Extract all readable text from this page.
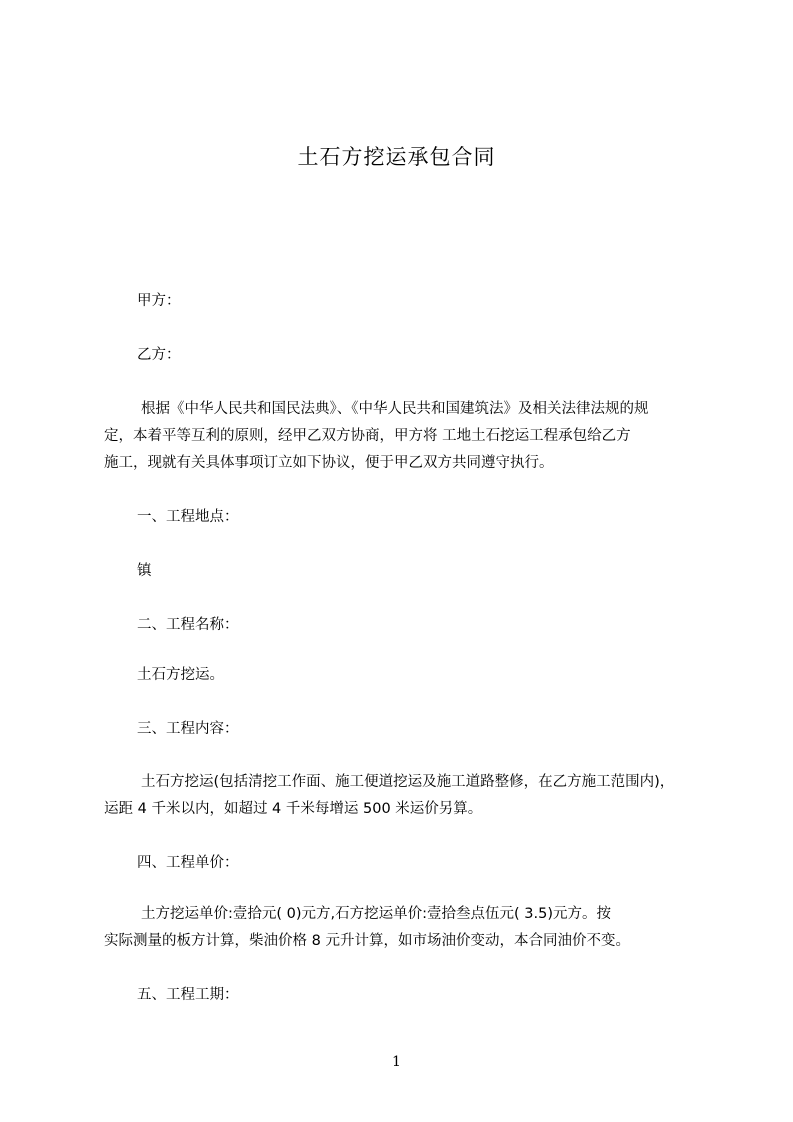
土石方挖运承包合同
甲方：
乙方：
根据《中华人民共和国民法典》、《中华人民共和国建筑法》及相关法律法规的规
定，本着平等互利的原则，经甲乙双方协商，甲方将 工地土石挖运工程承包给乙方
施工，现就有关具体事项订立如下协议，便于甲乙双方共同遵守执行。
一、工程地点：
镇
二、工程名称：
土石方挖运。
三、工程内容：
土石方挖运(包括清挖工作面、施工便道挖运及施工道路整修，在乙方施工范围内)，
运距 4 千米以内，如超过 4 千米每增运 500 米运价另算。
四、工程单价：
土方挖运单价:壹拾元( 0)元方,石方挖运单价:壹拾叁点伍元( 3.5)元方。按
实际测量的板方计算，柴油价格 8 元升计算，如市场油价变动，本合同油价不变。
五、工程工期：
1
